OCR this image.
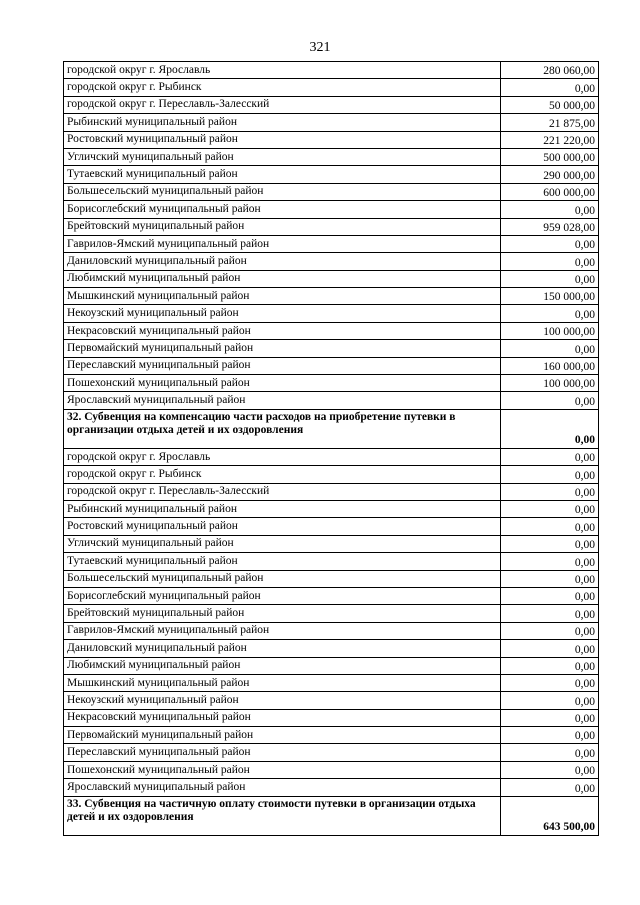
321
городской округ г. Ярославль	280 060,00
городской округ г. Рыбинск	0,00
городской округ г. Переславль-Залесский	50 000,00
Рыбинский муниципальный район	21 875,00
Ростовский муниципальный район	221 220,00
Угличский муниципальный район	500 000,00
Тутаевский муниципальный район	290 000,00
Большесельский муниципальный район	600 000,00
Борисоглебский муниципальный район	0,00
Брейтовский муниципальный район	959 028,00
Гаврилов-Ямский муниципальный район	0,00
Даниловский муниципальный район	0,00
Любимский муниципальный район	0,00
Мышкинский муниципальный район	150 000,00
Некоузский муниципальный район	0,00
Некрасовский муниципальный район	100 000,00
Первомайский муниципальный район	0,00
Переславский муниципальный район	160 000,00
Пошехонский муниципальный район	100 000,00
Ярославский муниципальный район	0,00
32. Субвенция на компенсацию части расходов на приобретение путевки в организации отдыха детей и их оздоровления	0,00
городской округ г. Ярославль	0,00
городской округ г. Рыбинск	0,00
городской округ г. Переславль-Залесский	0,00
Рыбинский муниципальный район	0,00
Ростовский муниципальный район	0,00
Угличский муниципальный район	0,00
Тутаевский муниципальный район	0,00
Большесельский муниципальный район	0,00
Борисоглебский муниципальный район	0,00
Брейтовский муниципальный район	0,00
Гаврилов-Ямский муниципальный район	0,00
Даниловский муниципальный район	0,00
Любимский муниципальный район	0,00
Мышкинский муниципальный район	0,00
Некоузский муниципальный район	0,00
Некрасовский муниципальный район	0,00
Первомайский муниципальный район	0,00
Переславский муниципальный район	0,00
Пошехонский муниципальный район	0,00
Ярославский муниципальный район	0,00
33. Субвенция на частичную оплату стоимости путевки в организации отдыха детей и их оздоровления	643 500,00
